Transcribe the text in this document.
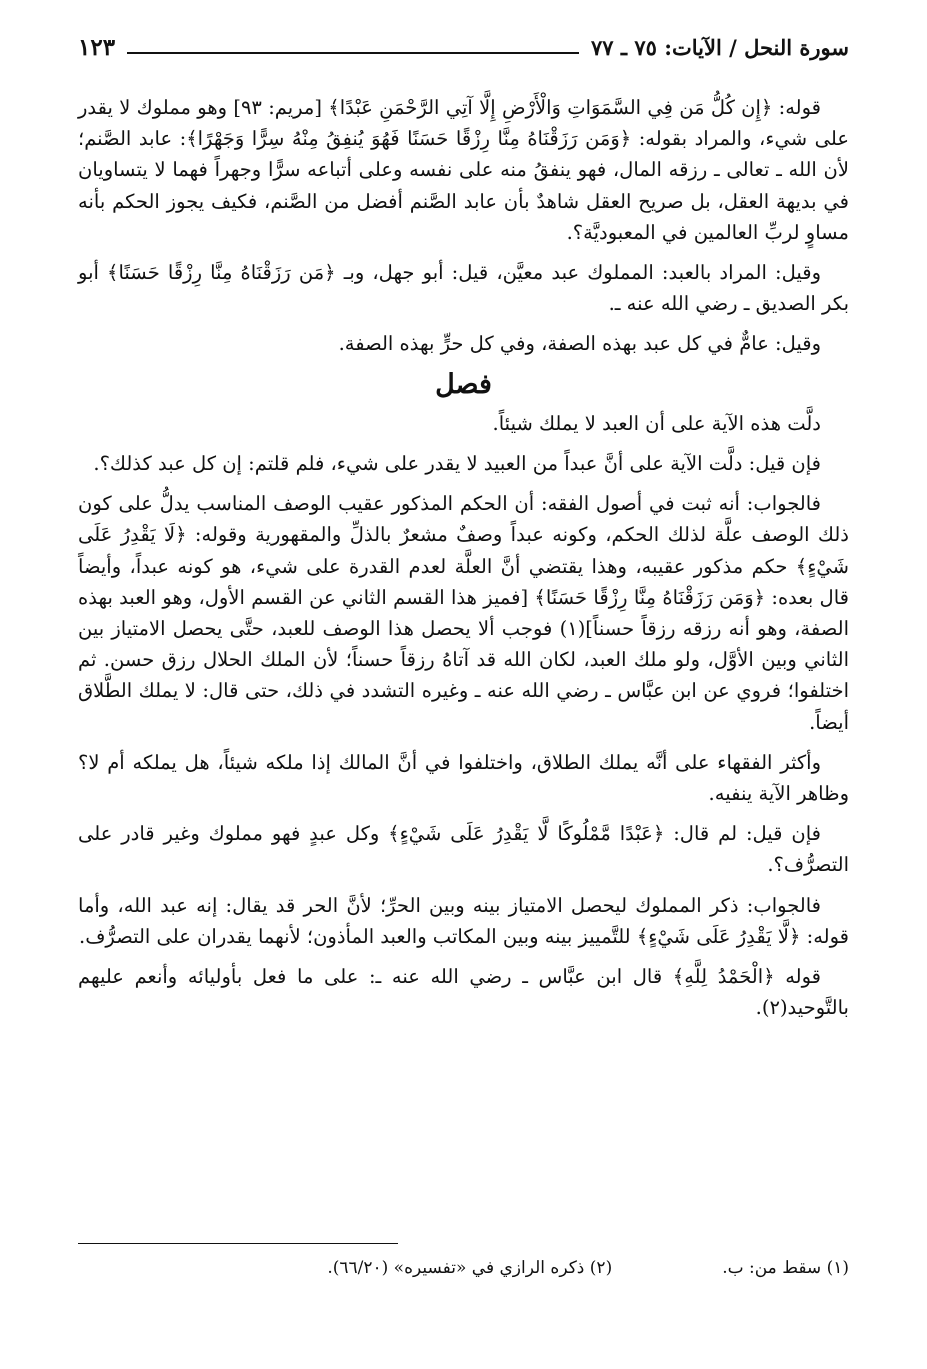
سورة النحل / الآيات: ٧٥ ـ ٧٧
١٢٣

قوله: ﴿إِن كُلُّ مَن فِي السَّمَوَاتِ وَالْأَرْضِ إِلَّا آتِي الرَّحْمَنِ عَبْدًا﴾ [مريم: ٩٣] وهو مملوك لا يقدر على شيء، والمراد بقوله: ﴿وَمَن رَزَقْنَاهُ مِنَّا رِزْقًا حَسَنًا فَهُوَ يُنفِقُ مِنْهُ سِرًّا وَجَهْرًا﴾: عابد الصَّنم؛ لأن الله ـ تعالى ـ رزقه المال، فهو ينفقُ منه على نفسه وعلى أتباعه سرًّا وجهراً فهما لا يتساويان في بديهة العقل، بل صريح العقل شاهدٌ بأن عابد الصَّنم أفضل من الصَّنم، فكيف يجوز الحكم بأنه مساوٍ لربِّ العالمين في المعبوديَّة؟.

وقيل: المراد بالعبد: المملوك عبد معيَّن، قيل: أبو جهل، وبـ ﴿مَن رَزَقْنَاهُ مِنَّا رِزْقًا حَسَنًا﴾ أبو بكر الصديق ـ رضي الله عنه ـ.

وقيل: عامٌّ في كل عبد بهذه الصفة، وفي كل حرٍّ بهذه الصفة.

فصل

دلَّت هذه الآية على أن العبد لا يملك شيئاً.

فإن قيل: دلَّت الآية على أنَّ عبداً من العبيد لا يقدر على شيء، فلم قلتم: إن كل عبد كذلك؟.

فالجواب: أنه ثبت في أصول الفقه: أن الحكم المذكور عقيب الوصف المناسب يدلُّ على كون ذلك الوصف علَّة لذلك الحكم، وكونه عبداً وصفٌ مشعرٌ بالذلِّ والمقهورية وقوله: ﴿لَا يَقْدِرُ عَلَى شَيْءٍ﴾ حكم مذكور عقيبه، وهذا يقتضي أنَّ العلَّة لعدم القدرة على شيء، هو كونه عبداً، وأيضاً قال بعده: ﴿وَمَن رَزَقْنَاهُ مِنَّا رِزْقًا حَسَنًا﴾ [فميز هذا القسم الثاني عن القسم الأول، وهو العبد بهذه الصفة، وهو أنه رزقه رزقاً حسناً](١) فوجب ألا يحصل هذا الوصف للعبد، حتَّى يحصل الامتياز بين الثاني وبين الأوَّل، ولو ملك العبد، لكان الله قد آتاهُ رزقاً حسناً؛ لأن الملك الحلال رزق حسن. ثم اختلفوا؛ فروي عن ابن عبَّاس ـ رضي الله عنه ـ وغيره التشدد في ذلك، حتى قال: لا يملك الطَّلاق أيضاً.

وأكثر الفقهاء على أنَّه يملك الطلاق، واختلفوا في أنَّ المالك إذا ملكه شيئاً، هل يملكه أم لا؟ وظاهر الآية ينفيه.

فإن قيل: لم قال: ﴿عَبْدًا مَّمْلُوكًا لَّا يَقْدِرُ عَلَى شَيْءٍ﴾ وكل عبدٍ فهو مملوك وغير قادر على التصرُّف؟.

فالجواب: ذكر المملوك ليحصل الامتياز بينه وبين الحرِّ؛ لأنَّ الحر قد يقال: إنه عبد الله، وأما قوله: ﴿لَّا يَقْدِرُ عَلَى شَيْءٍ﴾ للتَّمييز بينه وبين المكاتب والعبد المأذون؛ لأنهما يقدران على التصرُّف.

قوله ﴿الْحَمْدُ لِلَّهِ﴾ قال ابن عبَّاس ـ رضي الله عنه ـ: على ما فعل بأوليائه وأنعم عليهم بالتَّوحيد(٢).

(١) سقط من: ب.
(٢) ذكره الرازي في «تفسيره» (٦٦/٢٠).
